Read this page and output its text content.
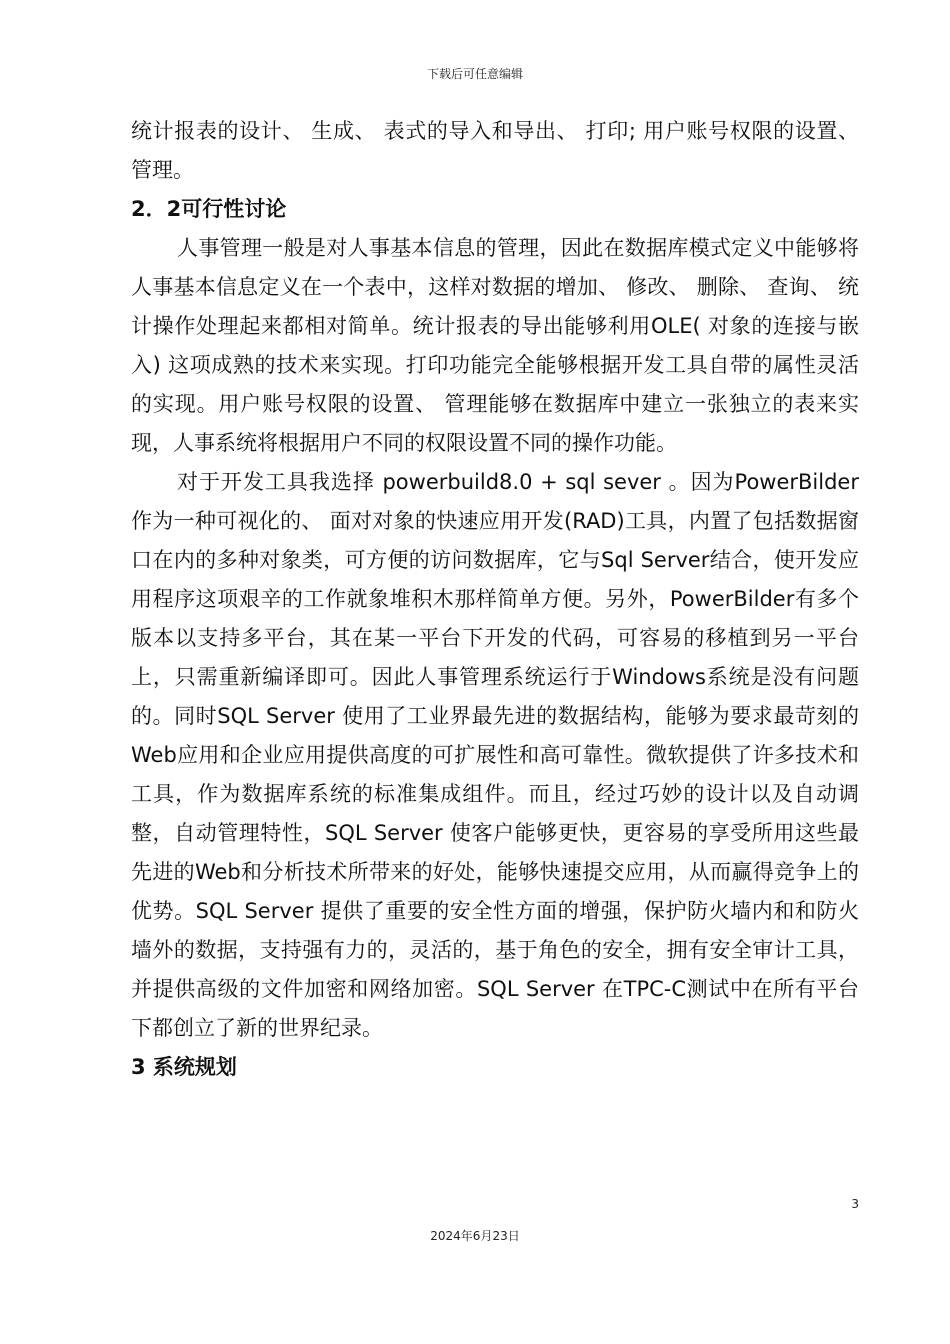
下载后可任意编辑

统计报表的设计、 生成、 表式的导入和导出、 打印; 用户账号权限的设置、 管理。

2．2可行性讨论

人事管理一般是对人事基本信息的管理，因此在数据库模式定义中能够将人事基本信息定义在一个表中，这样对数据的增加、 修改、 删除、 查询、 统计操作处理起来都相对简单。统计报表的导出能够利用OLE( 对象的连接与嵌入) 这项成熟的技术来实现。打印功能完全能够根据开发工具自带的属性灵活的实现。用户账号权限的设置、 管理能够在数据库中建立一张独立的表来实现，人事系统将根据用户不同的权限设置不同的操作功能。

对于开发工具我选择 powerbuild8.0 + sql sever 。因为PowerBilder作为一种可视化的、 面对对象的快速应用开发(RAD)工具，内置了包括数据窗口在内的多种对象类，可方便的访问数据库，它与Sql Server结合，使开发应用程序这项艰辛的工作就象堆积木那样简单方便。另外，PowerBilder有多个版本以支持多平台，其在某一平台下开发的代码，可容易的移植到另一平台上，只需重新编译即可。因此人事管理系统运行于Windows系统是没有问题的。同时SQL Server 使用了工业界最先进的数据结构，能够为要求最苛刻的Web应用和企业应用提供高度的可扩展性和高可靠性。微软提供了许多技术和工具，作为数据库系统的标准集成组件。而且，经过巧妙的设计以及自动调整，自动管理特性，SQL Server 使客户能够更快，更容易的享受所用这些最先进的Web和分析技术所带来的好处，能够快速提交应用，从而赢得竞争上的优势。SQL Server 提供了重要的安全性方面的增强，保护防火墙内和和防火墙外的数据，支持强有力的，灵活的，基于角色的安全，拥有安全审计工具，并提供高级的文件加密和网络加密。SQL Server 在TPC-C测试中在所有平台下都创立了新的世界纪录。

3 系统规划
3
2024年6月23日
